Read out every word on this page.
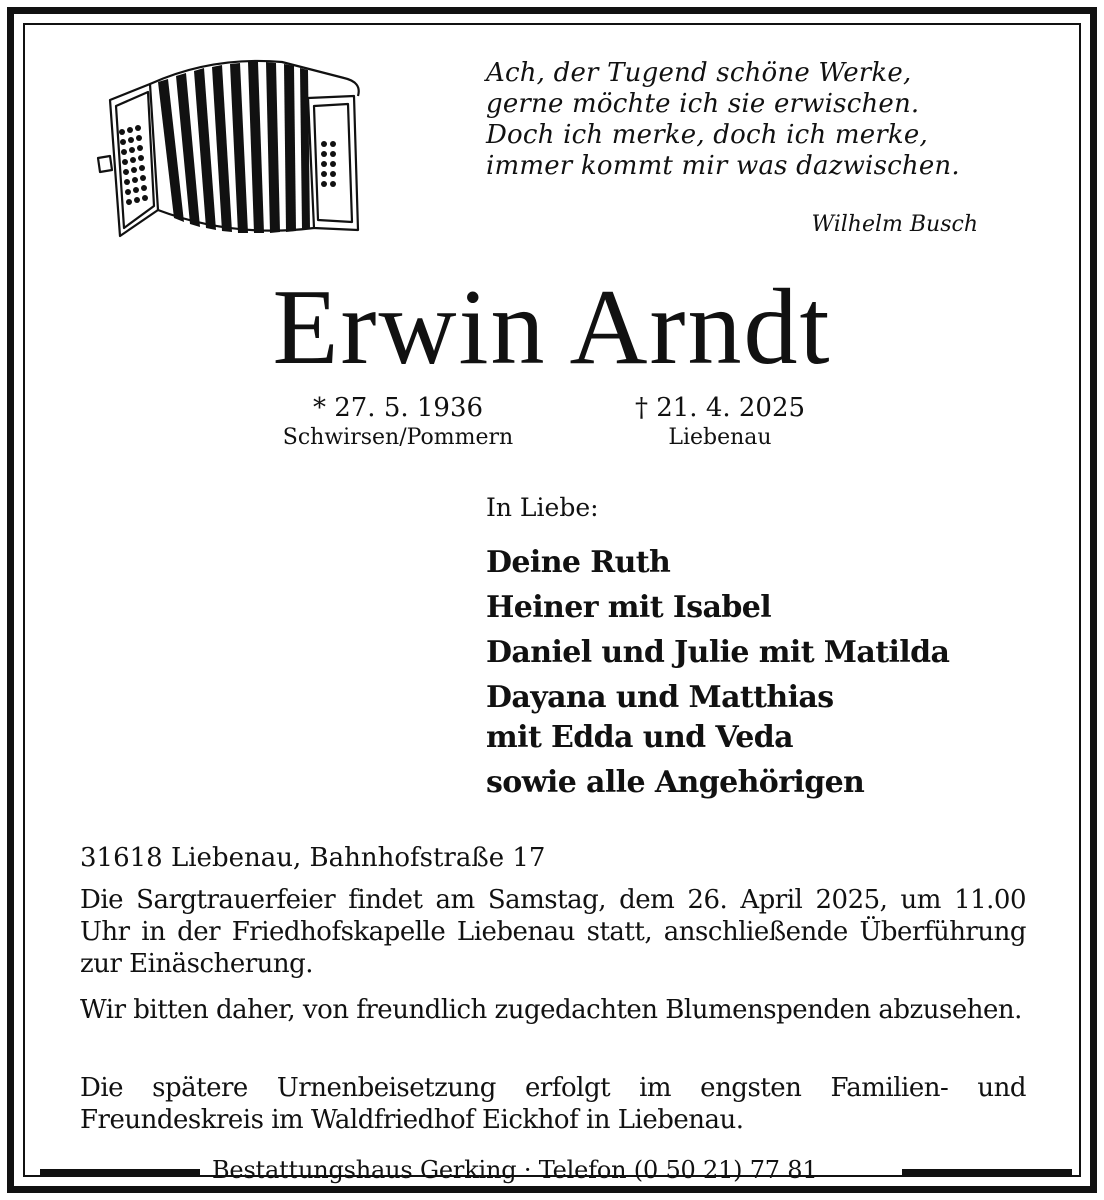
Ach, der Tugend schöne Werke,
gerne möchte ich sie erwischen.
Doch ich merke, doch ich merke,
immer kommt mir was dazwischen.
Wilhelm Busch
Erwin Arndt
* 27. 5. 1936
Schwirsen/Pommern
† 21. 4. 2025
Liebenau
In Liebe:
Deine Ruth
Heiner mit Isabel
Daniel und Julie mit Matilda
Dayana und Matthias
mit Edda und Veda
sowie alle Angehörigen
31618 Liebenau, Bahnhofstraße 17

Die Sargtrauerfeier findet am Samstag, dem 26. April 2025, um 11.00 Uhr in der Friedhofskapelle Liebenau statt, anschließende Überführung zur Einäscherung.

Wir bitten daher, von freundlich zugedachten Blumenspenden abzusehen.

Die spätere Urnenbeisetzung erfolgt im engsten Familien- und Freundeskreis im Waldfriedhof Eickhof in Liebenau.

Bestattungshaus Gerking · Telefon (0 50 21) 77 81
